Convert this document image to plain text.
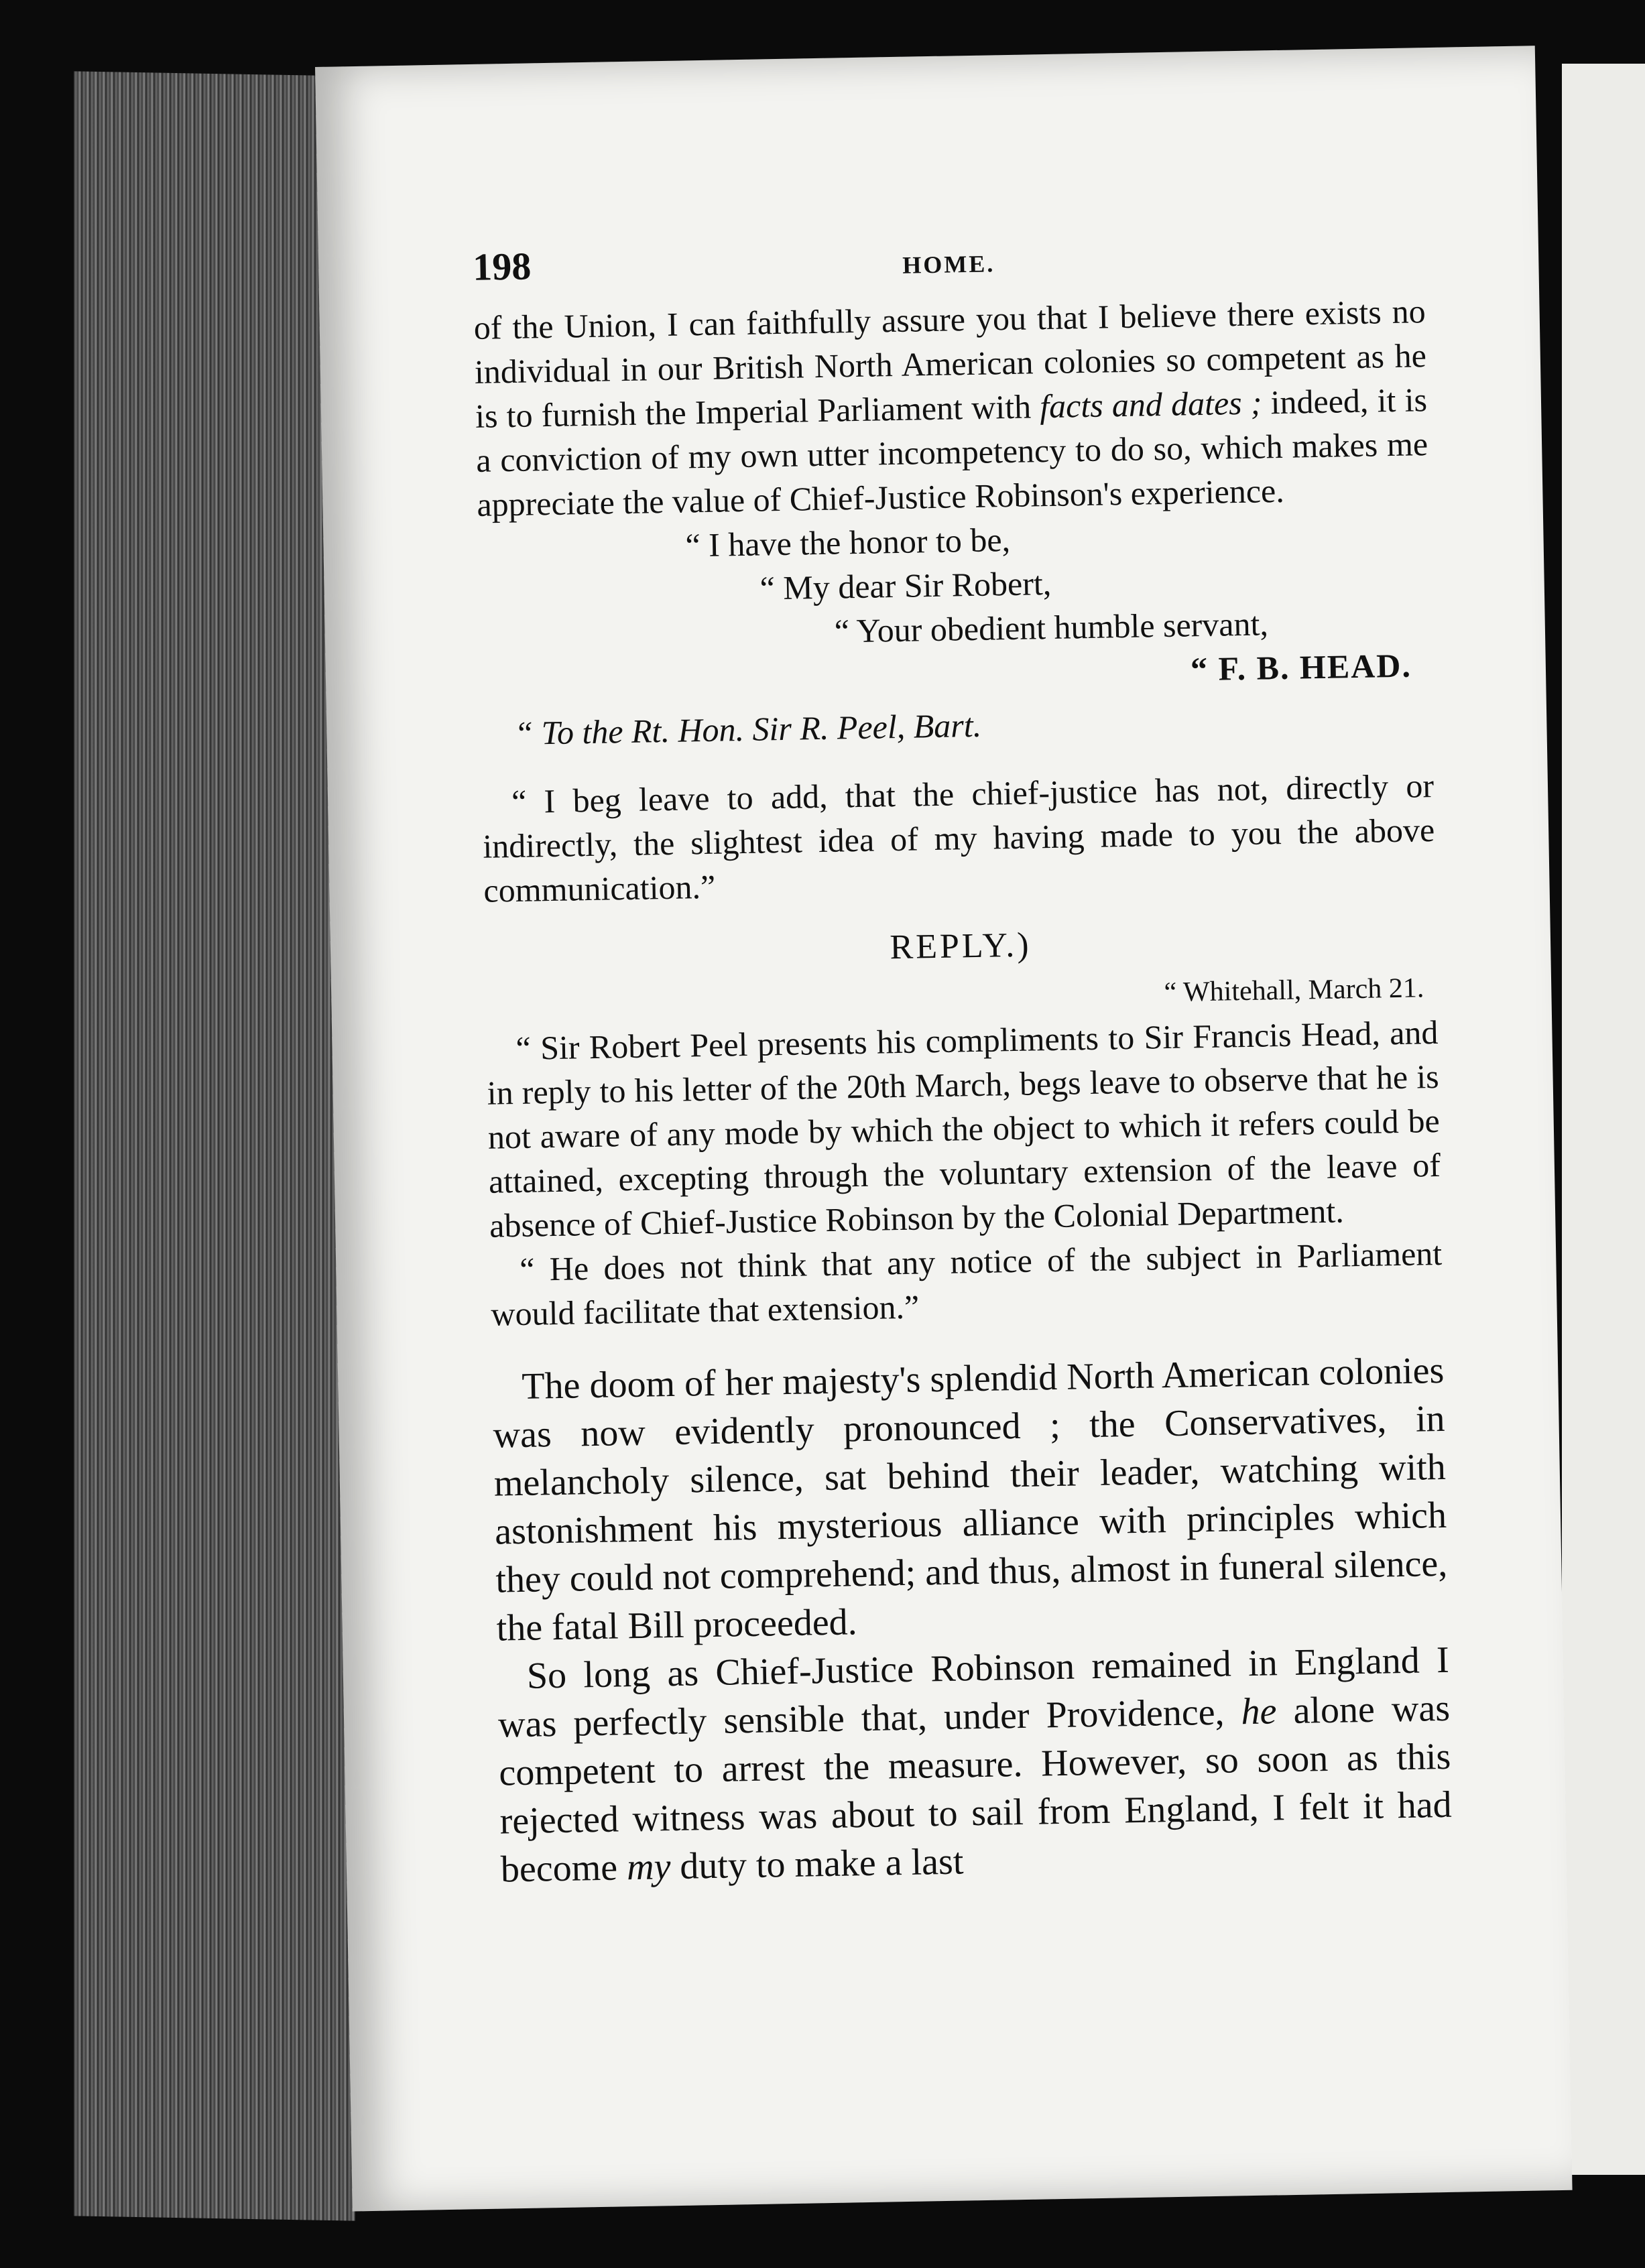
198	HOME.

of the Union, I can faithfully assure you that I believe there exists no individual in our British North American colonies so competent as he is to furnish the Imperial Parliament with facts and dates ; indeed, it is a conviction of my own utter incompetency to do so, which makes me appreciate the value of Chief-Justice Robinson's experience.

“ I have the honor to be,
“ My dear Sir Robert,
“ Your obedient humble servant,
“ F. B. HEAD.
“ To the Rt. Hon. Sir R. Peel, Bart.

“ I beg leave to add, that the chief-justice has not, directly or indirectly, the slightest idea of my having made to you the above communication.”

REPLY.)
“ Whitehall, March 21.

“ Sir Robert Peel presents his compliments to Sir Francis Head, and in reply to his letter of the 20th March, begs leave to observe that he is not aware of any mode by which the object to which it refers could be attained, excepting through the voluntary extension of the leave of absence of Chief-Justice Robinson by the Colonial Department.

“ He does not think that any notice of the subject in Parliament would facilitate that extension.”

The doom of her majesty's splendid North American colonies was now evidently pronounced ; the Conservatives, in melancholy silence, sat behind their leader, watching with astonishment his mysterious alliance with principles which they could not comprehend; and thus, almost in funeral silence, the fatal Bill proceeded.

So long as Chief-Justice Robinson remained in England I was perfectly sensible that, under Providence, he alone was competent to arrest the measure. However, so soon as this rejected witness was about to sail from England, I felt it had become my duty to make a last
